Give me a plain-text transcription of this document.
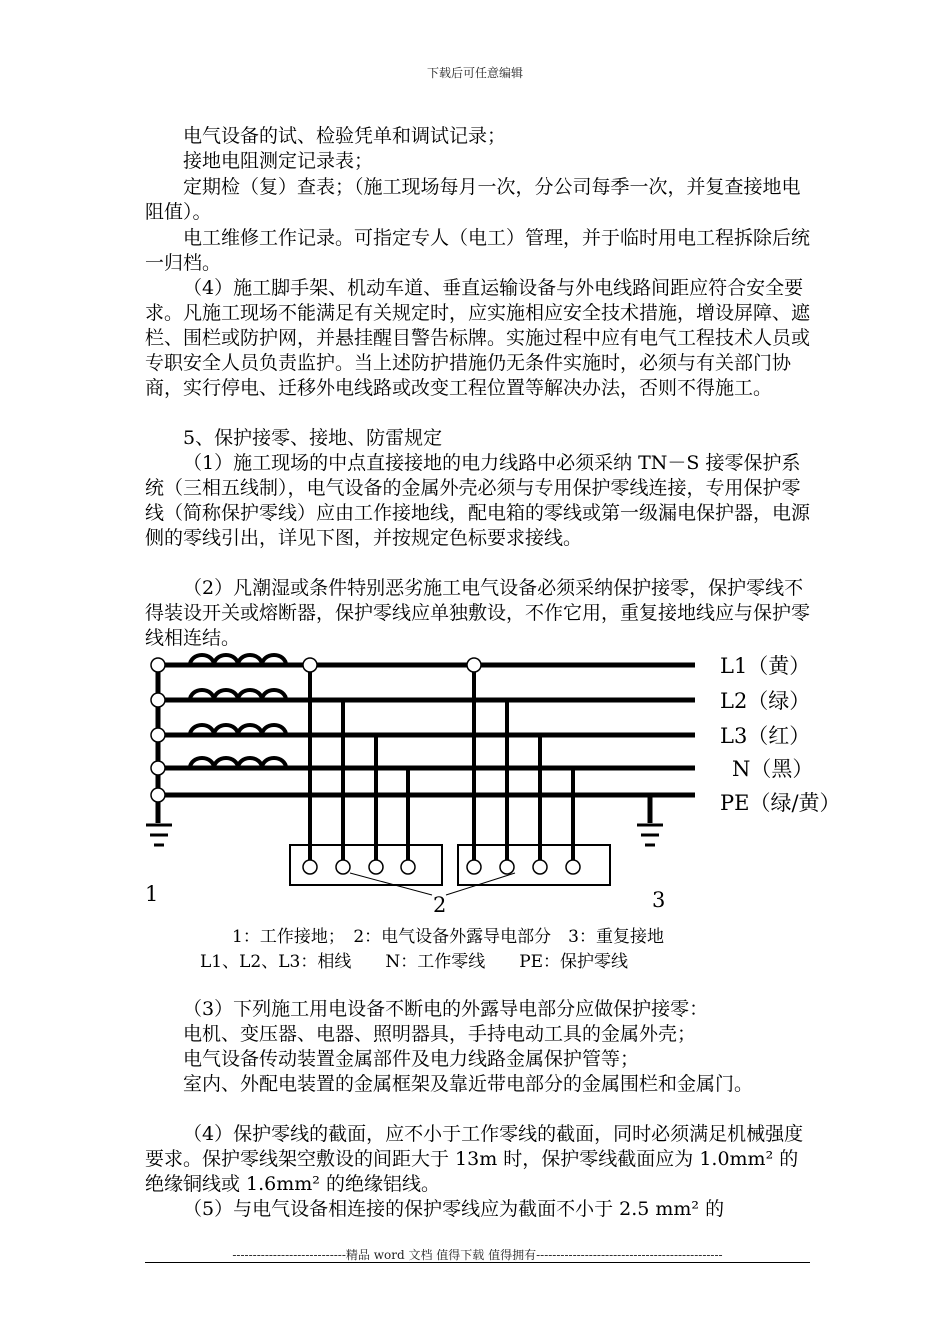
下载后可任意编辑

电气设备的试、检验凭单和调试记录；

接地电阻测定记录表；

定期检（复）查表；（施工现场每月一次，分公司每季一次，并复查接地电阻值）。

电工维修工作记录。可指定专人（电工）管理，并于临时用电工程拆除后统一归档。

（4）施工脚手架、机动车道、垂直运输设备与外电线路间距应符合安全要求。凡施工现场不能满足有关规定时，应实施相应安全技术措施，增设屏障、遮栏、围栏或防护网，并悬挂醒目警告标牌。实施过程中应有电气工程技术人员或专职安全人员负责监护。当上述防护措施仍无条件实施时，必须与有关部门协商，实行停电、迁移外电线路或改变工程位置等解决办法，否则不得施工。

5、保护接零、接地、防雷规定

（1）施工现场的中点直接接地的电力线路中必须采纳 TN－S 接零保护系统（三相五线制），电气设备的金属外壳必须与专用保护零线连接，专用保护零线（简称保护零线）应由工作接地线，配电箱的零线或第一级漏电保护器，电源侧的零线引出，详见下图，并按规定色标要求接线。

（2）凡潮湿或条件特别恶劣施工电气设备必须采纳保护接零，保护零线不得装设开关或熔断器，保护零线应单独敷设，不作它用，重复接地线应与保护零线相连结。

L1（黄）
L2（绿）
L3（红）
N（黑）
PE（绿/黄）
1	2	3
1：工作接地；　2：电气设备外露导电部分　3：重复接地
L1、L2、L3：相线　　N：工作零线　　PE：保护零线

（3）下列施工用电设备不断电的外露导电部分应做保护接零：

电机、变压器、电器、照明器具，手持电动工具的金属外壳；

电气设备传动装置金属部件及电力线路金属保护管等；

室内、外配电装置的金属框架及靠近带电部分的金属围栏和金属门。

（4）保护零线的截面，应不小于工作零线的截面，同时必须满足机械强度要求。保护零线架空敷设的间距大于 13m 时，保护零线截面应为 1.0mm² 的绝缘铜线或 1.6mm² 的绝缘铝线。

（5）与电气设备相连接的保护零线应为截面不小于 2.5 mm² 的

----------------------------精品 word 文档 值得下载 值得拥有----------------------------------------------
